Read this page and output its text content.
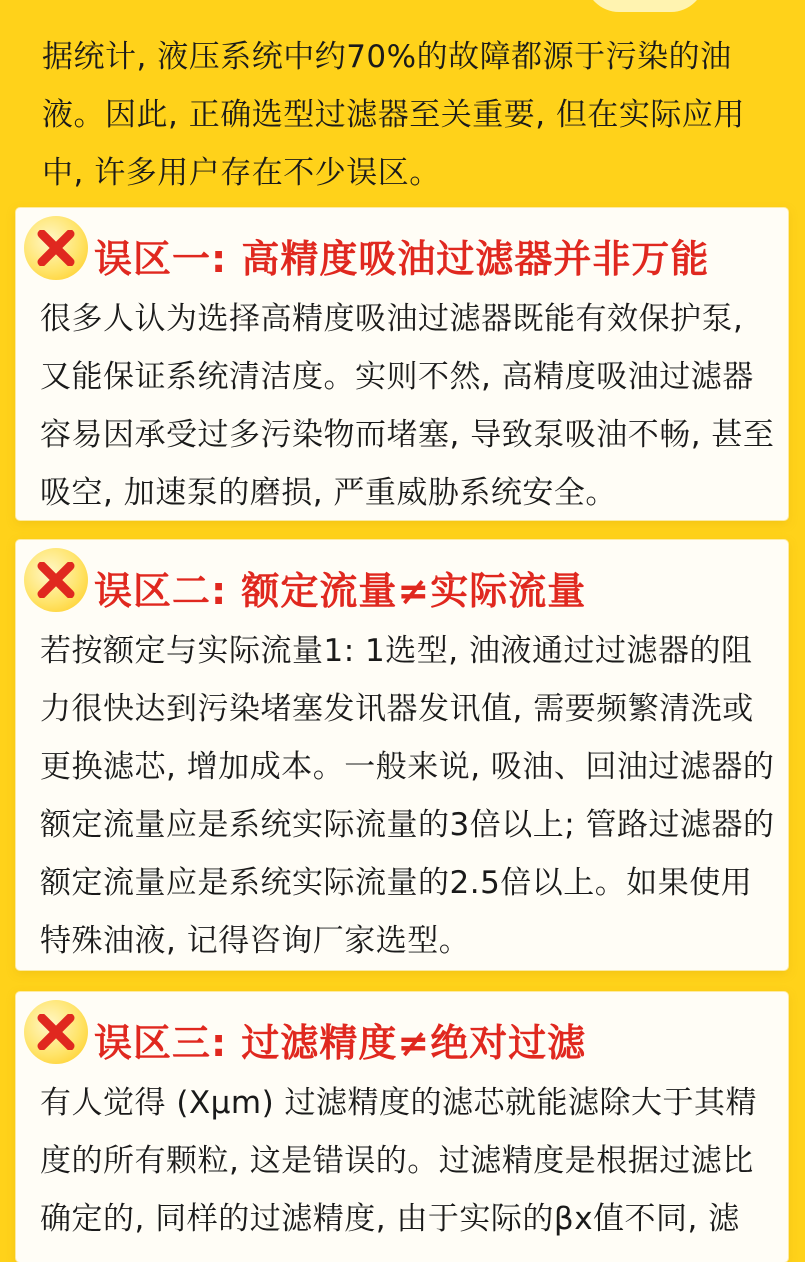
据统计, 液压系统中约70%的故障都源于污染的油液。因此, 正确选型过滤器至关重要, 但在实际应用中, 许多用户存在不少误区。
误区一: 高精度吸油过滤器并非万能
很多人认为选择高精度吸油过滤器既能有效保护泵, 又能保证系统清洁度。实则不然, 高精度吸油过滤器容易因承受过多污染物而堵塞, 导致泵吸油不畅, 甚至吸空, 加速泵的磨损, 严重威胁系统安全。
误区二: 额定流量≠实际流量
若按额定与实际流量1: 1选型, 油液通过过滤器的阻力很快达到污染堵塞发讯器发讯值, 需要频繁清洗或更换滤芯, 增加成本。一般来说, 吸油、回油过滤器的额定流量应是系统实际流量的3倍以上; 管路过滤器的额定流量应是系统实际流量的2.5倍以上。如果使用特殊油液, 记得咨询厂家选型。
误区三: 过滤精度≠绝对过滤
有人觉得 (Xμm) 过滤精度的滤芯就能滤除大于其精度的所有颗粒, 这是错误的。过滤精度是根据过滤比确定的, 同样的过滤精度, 由于实际的βx值不同, 滤
